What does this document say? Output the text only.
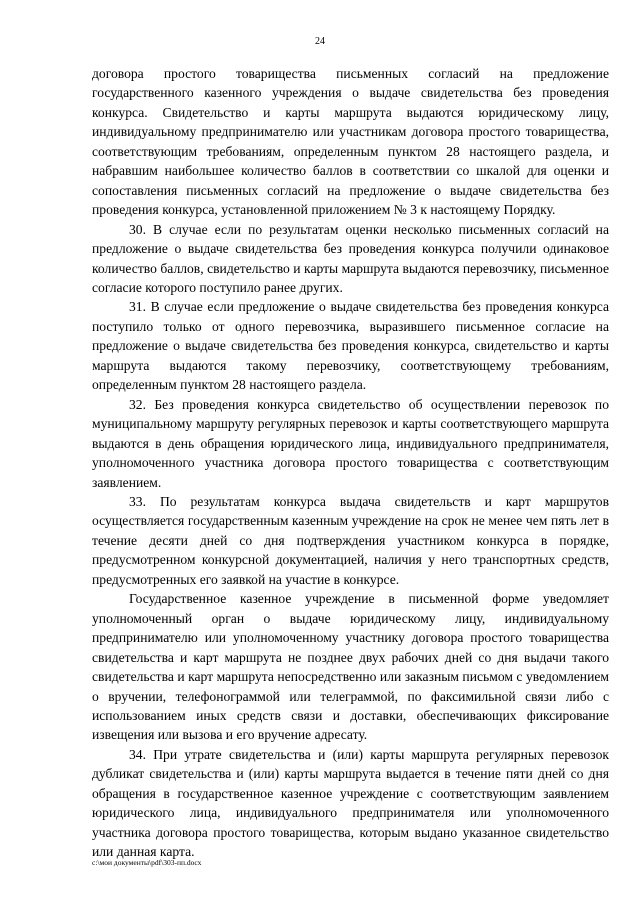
24

договора простого товарищества письменных согласий на предложение государственного казенного учреждения о выдаче свидетельства без проведения конкурса. Свидетельство и карты маршрута выдаются юридическому лицу, индивидуальному предпринимателю или участникам договора простого товарищества, соответствующим требованиям, определенным пунктом 28 настоящего раздела, и набравшим наибольшее количество баллов в соответствии со шкалой для оценки и сопоставления письменных согласий на предложение о выдаче свидетельства без проведения конкурса, установленной приложением № 3 к настоящему Порядку.

30. В случае если по результатам оценки несколько письменных согласий на предложение о выдаче свидетельства без проведения конкурса получили одинаковое количество баллов, свидетельство и карты маршрута выдаются перевозчику, письменное согласие которого поступило ранее других.

31. В случае если предложение о выдаче свидетельства без проведения конкурса поступило только от одного перевозчика, выразившего письменное согласие на предложение о выдаче свидетельства без проведения конкурса, свидетельство и карты маршрута выдаются такому перевозчику, соответствующему требованиям, определенным пунктом 28 настоящего раздела.

32. Без проведения конкурса свидетельство об осуществлении перевозок по муниципальному маршруту регулярных перевозок и карты соответствующего маршрута выдаются в день обращения юридического лица, индивидуального предпринимателя, уполномоченного участника договора простого товарищества с соответствующим заявлением.

33. По результатам конкурса выдача свидетельств и карт маршрутов осуществляется государственным казенным учреждение на срок не менее чем пять лет в течение десяти дней со дня подтверждения участником конкурса в порядке, предусмотренном конкурсной документацией, наличия у него транспортных средств, предусмотренных его заявкой на участие в конкурсе.

Государственное казенное учреждение в письменной форме уведомляет уполномоченный орган о выдаче юридическому лицу, индивидуальному предпринимателю или уполномоченному участнику договора простого товарищества свидетельства и карт маршрута не позднее двух рабочих дней со дня выдачи такого свидетельства и карт маршрута непосредственно или заказным письмом с уведомлением о вручении, телефонограммой или телеграммой, по факсимильной связи либо с использованием иных средств связи и доставки, обеспечивающих фиксирование извещения или вызова и его вручение адресату.

34. При утрате свидетельства и (или) карты маршрута регулярных перевозок дубликат свидетельства и (или) карты маршрута выдается в течение пяти дней со дня обращения в государственное казенное учреждение с соответствующим заявлением юридического лица, индивидуального предпринимателя или уполномоченного участника договора простого товарищества, которым выдано указанное свидетельство или данная карта.

c:\мои документы\pdf\303-пп.docx
